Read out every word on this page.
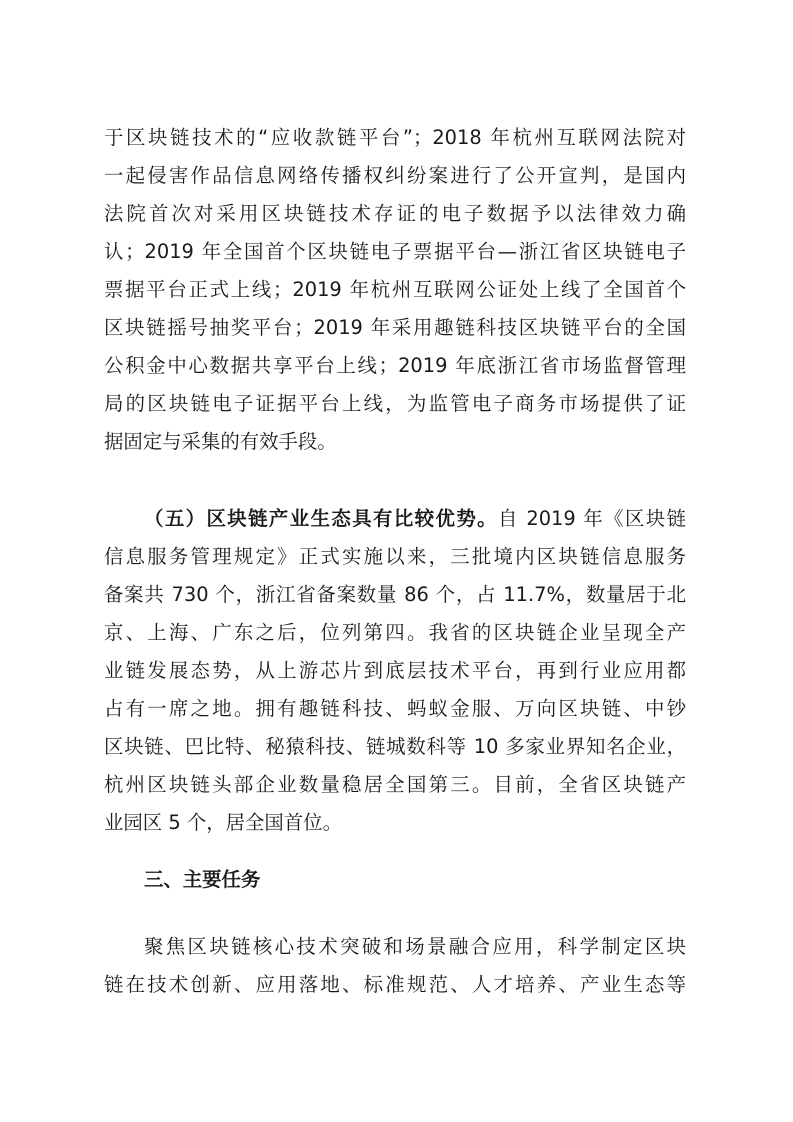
于区块链技术的“应收款链平台”；2018 年杭州互联网法院对
一起侵害作品信息网络传播权纠纷案进行了公开宣判，是国内
法院首次对采用区块链技术存证的电子数据予以法律效力确
认；2019 年全国首个区块链电子票据平台—浙江省区块链电子
票据平台正式上线；2019 年杭州互联网公证处上线了全国首个
区块链摇号抽奖平台；2019 年采用趣链科技区块链平台的全国
公积金中心数据共享平台上线；2019 年底浙江省市场监督管理
局的区块链电子证据平台上线，为监管电子商务市场提供了证
据固定与采集的有效手段。
（五）区块链产业生态具有比较优势。自 2019 年《区块链
信息服务管理规定》正式实施以来，三批境内区块链信息服务
备案共 730 个，浙江省备案数量 86 个，占 11.7%，数量居于北
京、上海、广东之后，位列第四。我省的区块链企业呈现全产
业链发展态势，从上游芯片到底层技术平台，再到行业应用都
占有一席之地。拥有趣链科技、蚂蚁金服、万向区块链、中钞
区块链、巴比特、秘猿科技、链城数科等 10 多家业界知名企业，
杭州区块链头部企业数量稳居全国第三。目前，全省区块链产
业园区 5 个，居全国首位。
三、主要任务
聚焦区块链核心技术突破和场景融合应用，科学制定区块
链在技术创新、应用落地、标准规范、人才培养、产业生态等
